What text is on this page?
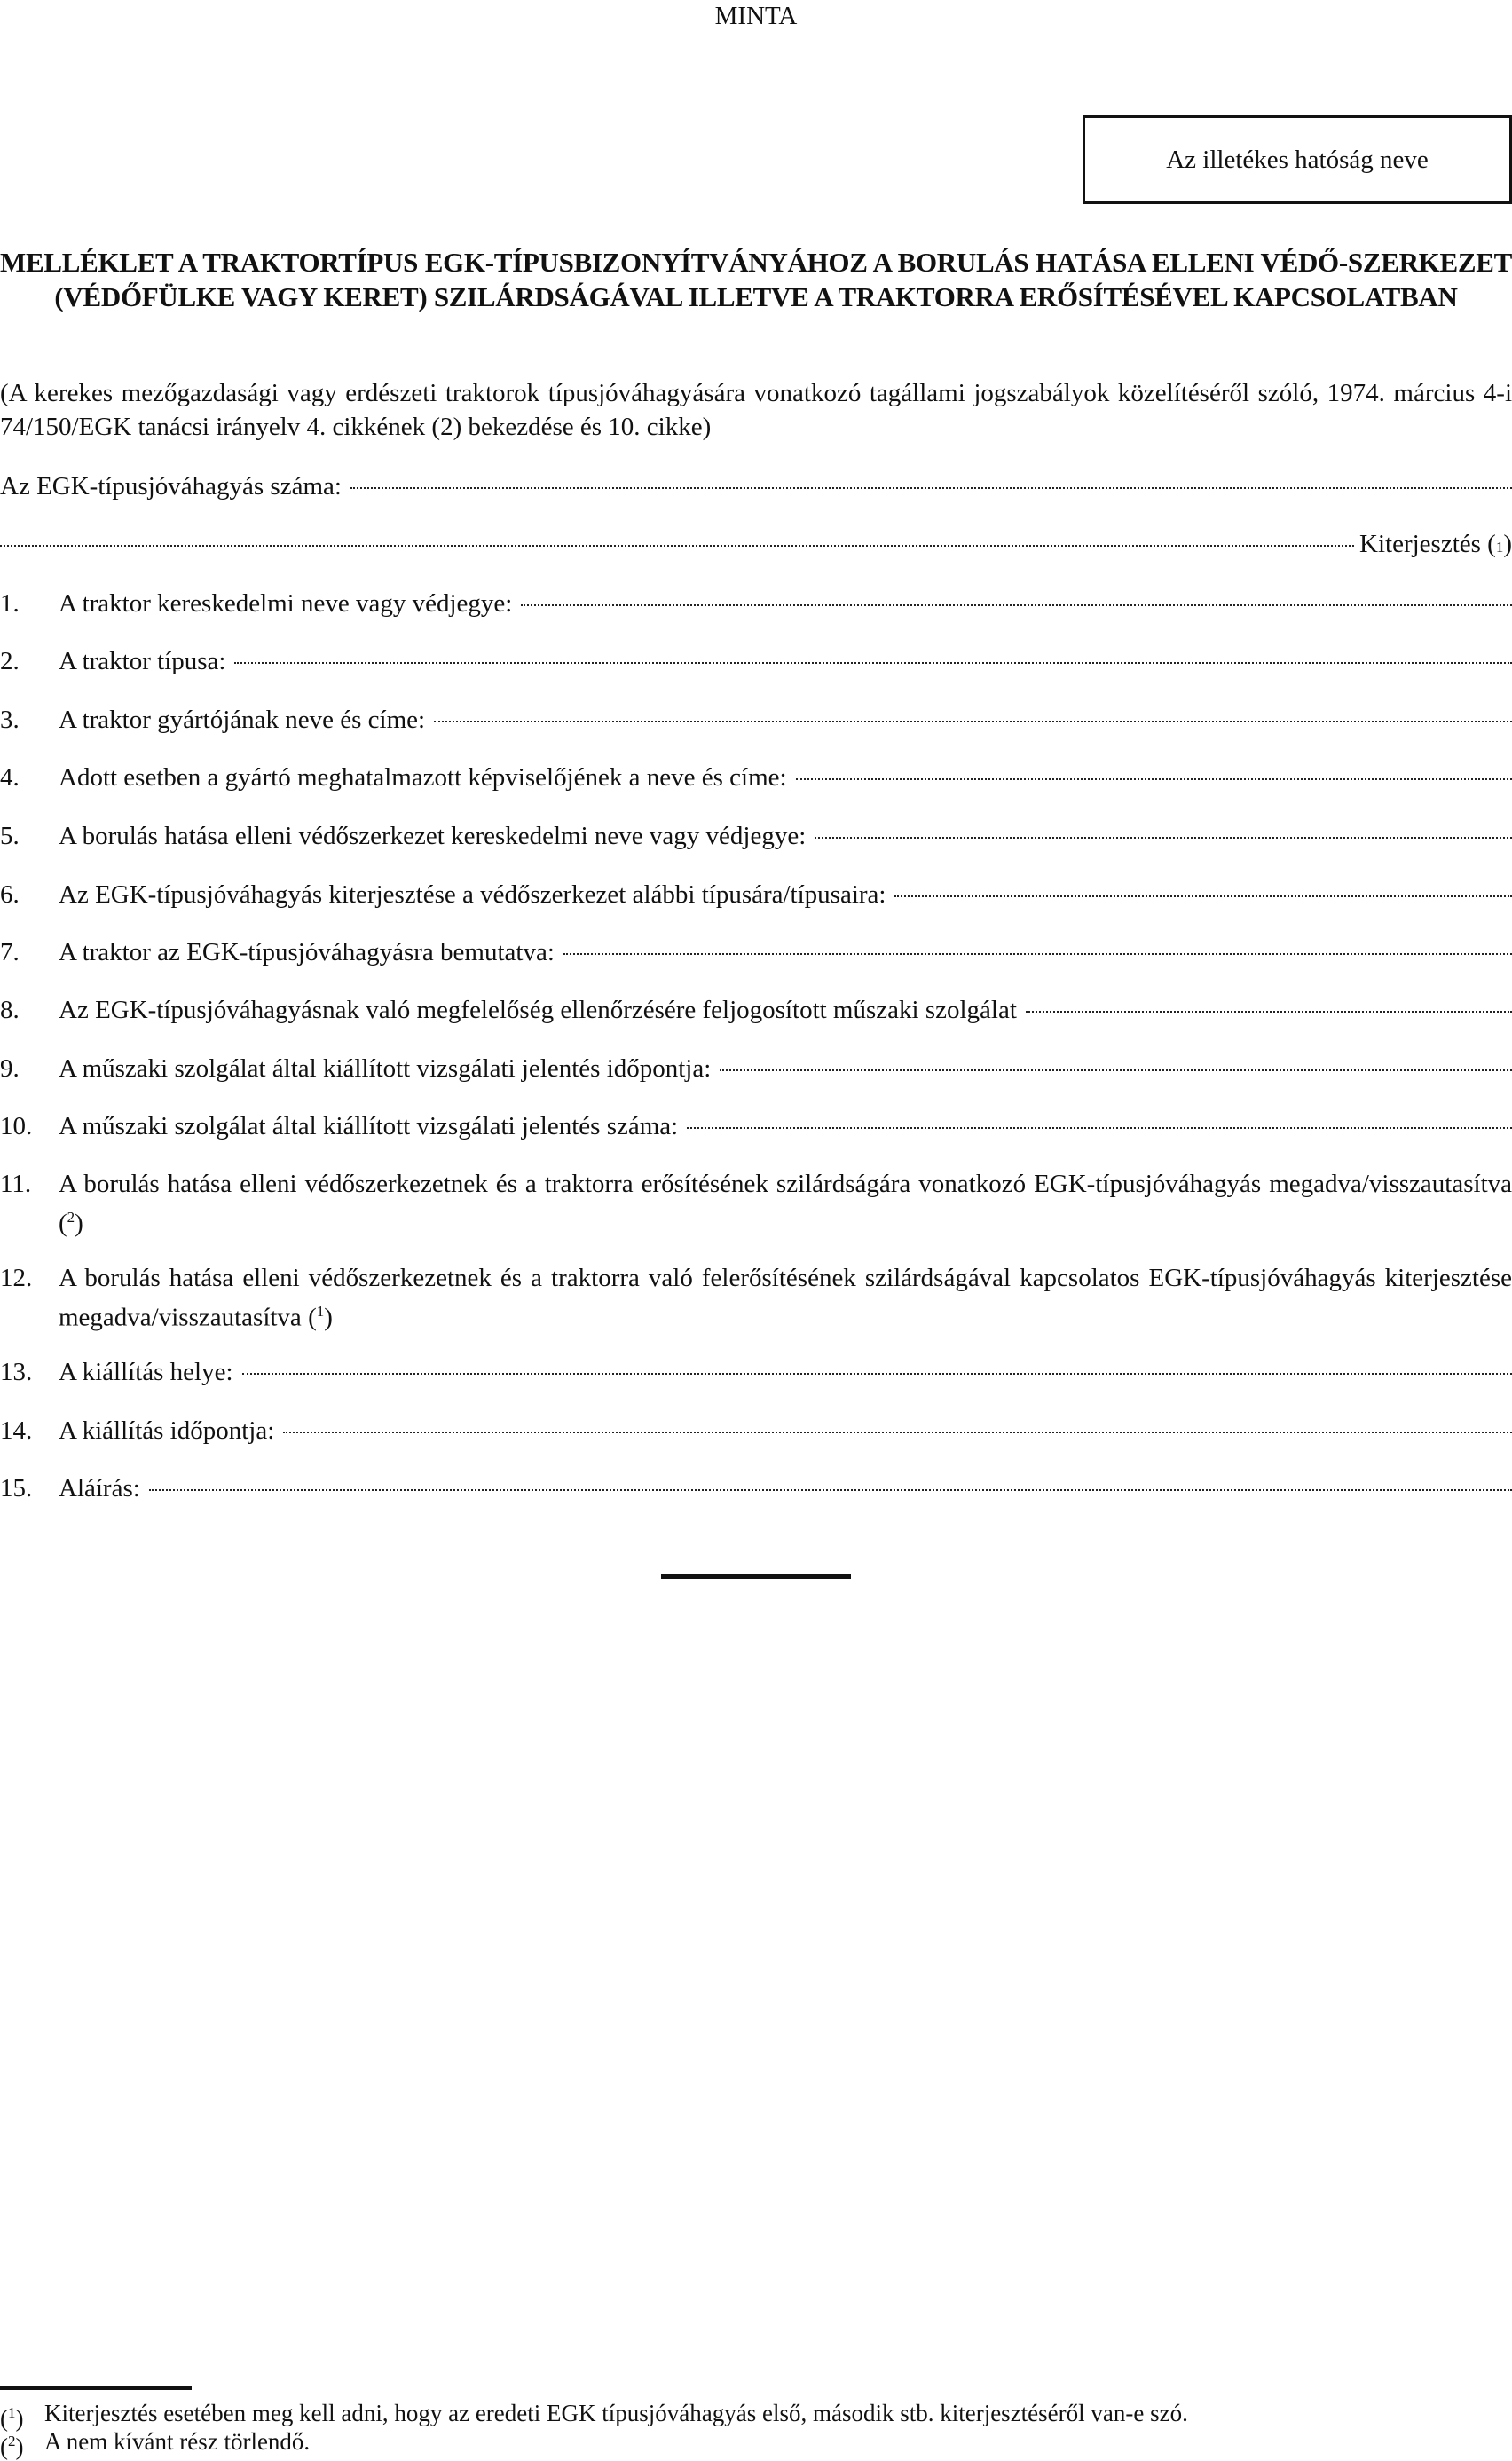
MINTA
Az illetékes hatóság neve
MELLÉKLET A TRAKTORTÍPUS EGK-TÍPUSBIZONYÍTVÁNYÁHOZ A BORULÁS HATÁSA ELLENI VÉDŐ-SZERKEZET (VÉDŐFÜLKE VAGY KERET) SZILÁRDSÁGÁVAL ILLETVE A TRAKTORRA ERŐSÍTÉSÉVEL KAPCSOLATBAN
(A kerekes mezőgazdasági vagy erdészeti traktorok típusjóváhagyására vonatkozó tagállami jogszabályok közelítéséről szóló, 1974. március 4-i 74/150/EGK tanácsi irányelv 4. cikkének (2) bekezdése és 10. cikke)
Az EGK-típusjóváhagyás száma:
Kiterjesztés ( 1 )
1.	A traktor kereskedelmi neve vagy védjegye:
2.	A traktor típusa:
3.	A traktor gyártójának neve és címe:
4.	Adott esetben a gyártó meghatalmazott képviselőjének a neve és címe:
5.	A borulás hatása elleni védőszerkezet kereskedelmi neve vagy védjegye:
6.	Az EGK-típusjóváhagyás kiterjesztése a védőszerkezet alábbi típusára/típusaira:
7.	A traktor az EGK-típusjóváhagyásra bemutatva:
8.	Az EGK-típusjóváhagyásnak való megfelelőség ellenőrzésére feljogosított műszaki szolgálat
9.	A műszaki szolgálat által kiállított vizsgálati jelentés időpontja:
10.	A műszaki szolgálat által kiállított vizsgálati jelentés száma:
11.	A borulás hatása elleni védőszerkezetnek és a traktorra erősítésének szilárdságára vonatkozó EGK-típusjóváhagyás megadva/visszautasítva ($^2$)
12.	A borulás hatása elleni védőszerkezetnek és a traktorra való felerősítésének szilárdságával kapcsolatos EGK-típusjóváhagyás kiterjesztése megadva/visszautasítva ($^1$)
13.	A kiállítás helye:
14.	A kiállítás időpontja:
15.	Aláírás:
($^1$) Kiterjesztés esetében meg kell adni, hogy az eredeti EGK típusjóváhagyás első, második stb. kiterjesztéséről van-e szó.
($^2$) A nem kívánt rész törlendő.
